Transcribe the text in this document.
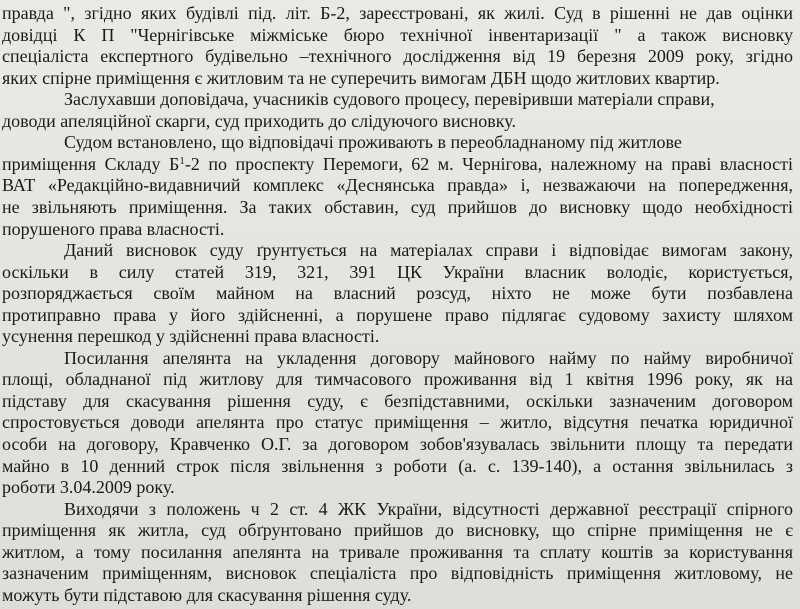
правда ", згідно яких будівлі під. літ. Б-2, зареєстровані, як жилі. Суд в рішенні не дав оцінки
довідці К П "Чернігівське міжміське бюро технічної інвентаризації " а також висновку
спеціаліста експертного будівельно –технічного дослідження від 19 березня 2009 року, згідно
яких спірне приміщення є житловим та не суперечить вимогам ДБН щодо житлових квартир.
Заслухавши доповідача, учасників судового процесу, перевіривши матеріали справи,
доводи апеляційної скарги, суд приходить до слідуючого висновку.
Судом встановлено, що відповідачі проживають в переобладнаному під житлове
приміщення Складу $Б^1-2$ по проспекту Перемоги, 62 м. Чернігова, належному на праві власності
ВАТ «Редакційно-видавничий комплекс «Деснянська правда» і, незважаючи на попередження,
не звільняють приміщення. За таких обставин, суд прийшов до висновку щодо необхідності
порушеного права власності.
Даний висновок суду ґрунтується на матеріалах справи і відповідає вимогам закону,
оскільки в силу статей 319, 321, 391 ЦК України власник володіє, користується,
розпоряджається своїм майном на власний розсуд, ніхто не може бути позбавлена
протиправно права у його здійсненні, а порушене право підлягає судовому захисту шляхом
усунення перешкод у здійсненні права власності.
Посилання апелянта на укладення договору майнового найму по найму виробничої
площі, обладнаної під житлову для тимчасового проживання від 1 квітня 1996 року, як на
підставу для скасування рішення суду, є безпідставними, оскільки зазначеним договором
спростовується доводи апелянта про статус приміщення – житло, відсутня печатка юридичної
особи на договору, Кравченко О.Г. за договором зобов'язувалась звільнити площу та передати
майно в 10 денний строк після звільнення з роботи (а. с. 139-140), а остання звільнилась з
роботи 3.04.2009 року.
Виходячи з положень ч 2 ст. 4 ЖК України, відсутності державної реєстрації спірного
приміщення як житла, суд обґрунтовано прийшов до висновку, що спірне приміщення не є
житлом, а тому посилання апелянта на тривале проживання та сплату коштів за користування
зазначеним приміщенням, висновок спеціаліста про відповідність приміщення житловому, не
можуть бути підставою для скасування рішення суду.
